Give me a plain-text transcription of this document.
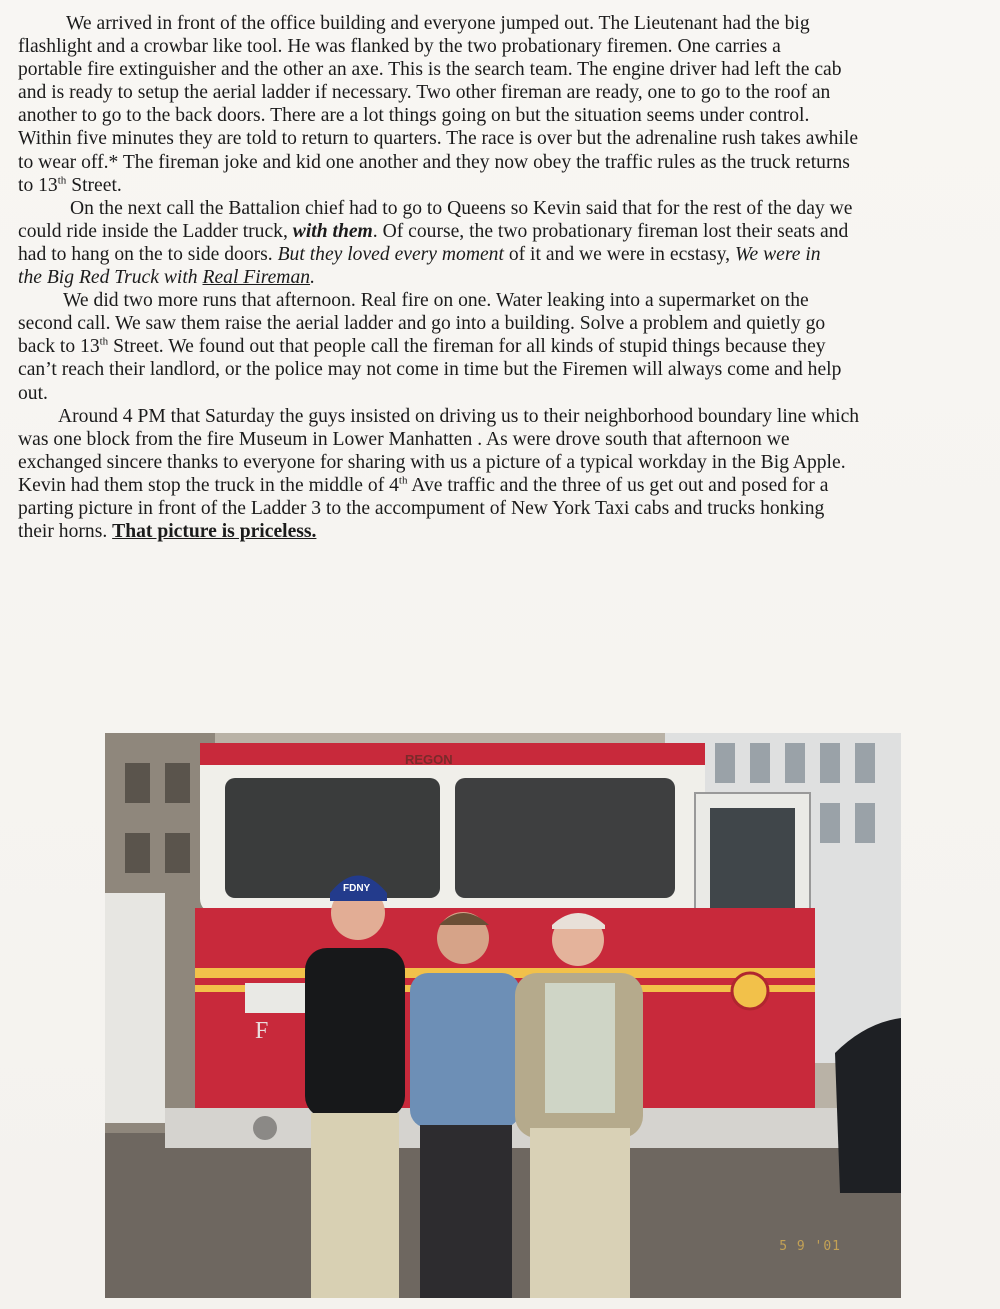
We arrived in front of the office building and everyone jumped out. The Lieutenant had the big

flashlight and a crowbar like tool. He was flanked by the two probationary firemen. One carries a

portable fire extinguisher and the other an axe. This is the search team. The engine driver had left the cab

and is ready to setup the aerial ladder if necessary. Two other fireman are ready, one to go to the roof an

another to go to the back doors. There are a lot things going on but the situation seems under control.

Within five minutes they are told to return to quarters. The race is over but the adrenaline rush takes awhile

to wear off.* The fireman joke and kid one another and they now obey the traffic rules as the truck returns

to 13th Street.

On the next call the Battalion chief had to go to Queens so Kevin said that for the rest of the day we

could ride inside the Ladder truck, with them. Of course, the two probationary fireman lost their seats and

had to hang on the to side doors. But they loved every moment of it and we were in ecstasy, We were in

the Big Red Truck with Real Fireman.

We did two more runs that afternoon. Real fire on one. Water leaking into a supermarket on the

second call. We saw them raise the aerial ladder and go into a building. Solve a problem and quietly go

back to 13th Street. We found out that people call the fireman for all kinds of stupid things because they

can’t reach their landlord, or the police may not come in time but the Firemen will always come and help

out.

Around 4 PM that Saturday the guys insisted on driving us to their neighborhood boundary line which

was one block from the fire Museum in Lower Manhatten . As were drove south that afternoon we

exchanged sincere thanks to everyone for sharing with us a picture of a typical workday in the Big Apple.

Kevin had them stop the truck in the middle of 4th Ave traffic and the three of us get out and posed for a

parting picture in front of the Ladder 3 to the accompument of New York Taxi cabs and trucks honking

their horns. That picture is priceless.

REGON
F
FDNY
5 9 '01
